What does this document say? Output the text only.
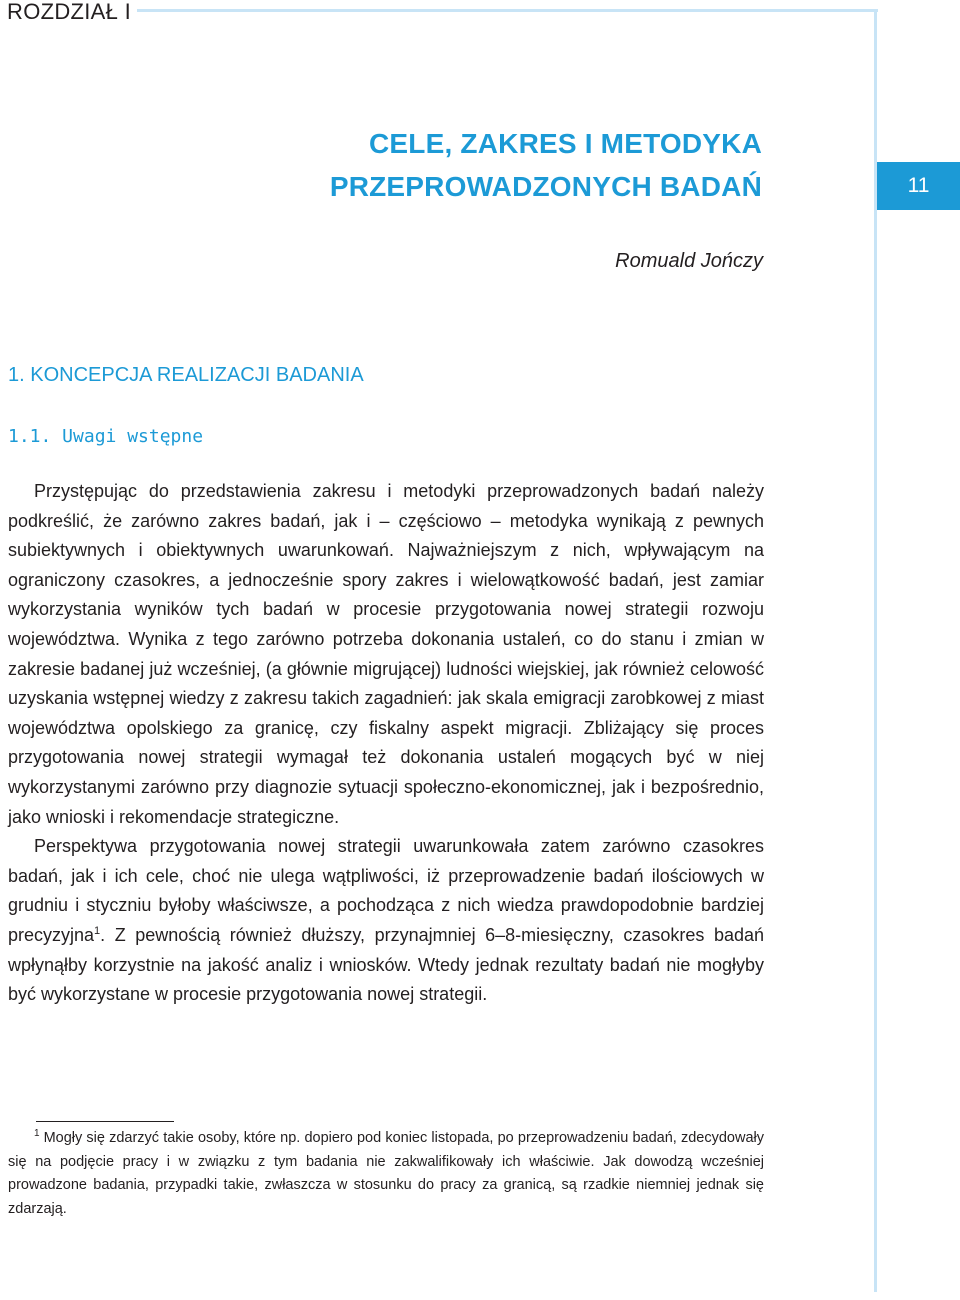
ROZDZIAŁ I
11
CELE, ZAKRES I METODYKA
PRZEPROWADZONYCH BADAŃ
Romuald Jończy
1. KONCEPCJA REALIZACJI BADANIA
1.1. Uwagi wstępne

Przystępując do przedstawienia zakresu i metodyki przeprowadzonych badań należy podkreślić, że zarówno zakres badań, jak i – częściowo – metodyka wynikają z pewnych subiektywnych i obiektywnych uwarunkowań. Najważniejszym z nich, wpływającym na ograniczony czasokres, a jednocześnie spory zakres i wielowątkowość badań, jest zamiar wykorzystania wyników tych badań w procesie przygotowania nowej strategii rozwoju województwa. Wynika z tego zarówno potrzeba dokonania ustaleń, co do stanu i zmian w zakresie badanej już wcześniej, (a głównie migrującej) ludności wiejskiej, jak również celowość uzyskania wstępnej wiedzy z zakresu takich zagadnień: jak skala emigracji zarobkowej z miast województwa opolskiego za granicę, czy fiskalny aspekt migracji. Zbliżający się proces przygotowania nowej strategii wymagał też dokonania ustaleń mogących być w niej wykorzystanymi zarówno przy diagnozie sytuacji społeczno-ekonomicznej, jak i bezpośrednio, jako wnioski i rekomendacje strategiczne.

Perspektywa przygotowania nowej strategii uwarunkowała zatem zarówno czasokres badań, jak i ich cele, choć nie ulega wątpliwości, iż przeprowadzenie badań ilościowych w grudniu i styczniu byłoby właściwsze, a pochodząca z nich wiedza prawdopodobnie bardziej precyzyjna$^1$. Z pewnością również dłuższy, przynajmniej 6–8-miesięczny, czasokres badań wpłynąłby korzystnie na jakość analiz i wniosków. Wtedy jednak rezultaty badań nie mogłyby być wykorzystane w procesie przygotowania nowej strategii.

$^1$ Mogły się zdarzyć takie osoby, które np. dopiero pod koniec listopada, po przeprowadzeniu badań, zdecydowały się na podjęcie pracy i w związku z tym badania nie zakwalifikowały ich właściwie. Jak dowodzą wcześniej prowadzone badania, przypadki takie, zwłaszcza w stosunku do pracy za granicą, są rzadkie niemniej jednak się zdarzają.
